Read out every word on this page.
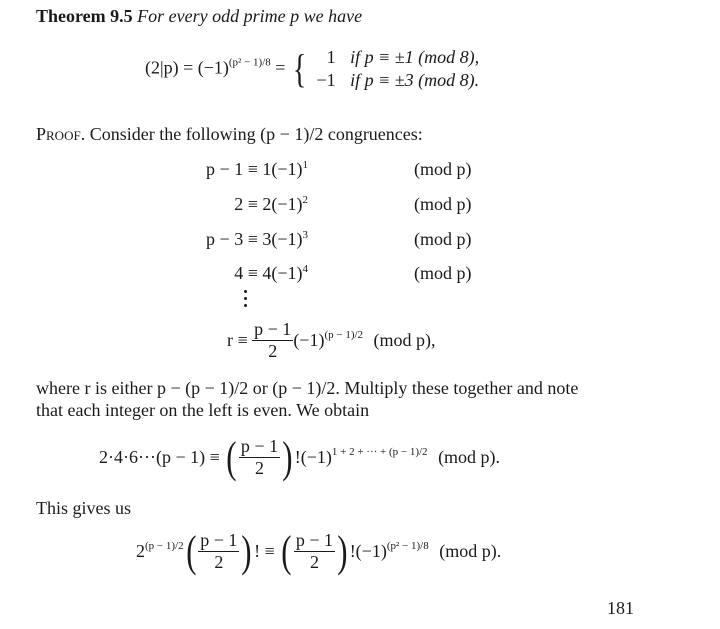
Theorem 9.5 For every odd prime p we have
$(2|p) = (-1)^{(p^2 - 1)/8}$ = {	1 if p ≡ ±1 (mod 8),
−1 if p ≡ ±3 (mod 8).
Proof. Consider the following (p − 1)/2 congruences:
$p - 1 \equiv 1(-1)^1$	(mod p)
$2 \equiv 2(-1)^2$	(mod p)
$p - 3 \equiv 3(-1)^3$	(mod p)
$4 \equiv 4(-1)^4$	(mod p)
$r \equiv \frac{p - 1}{2} (-1)^{(p - 1)/2}$ (mod p),
where r is either p − (p − 1)/2 or (p − 1)/2. Multiply these together and note
that each integer on the left is even. We obtain
2·4·6···(p − 1) ≡ ( $\frac{p - 1}{2}$ ) $!(-1)^{1 + 2 + \cdot\cdot\cdot + (p - 1)/2}$ (mod p).
This gives us
$2^{(p - 1)/2}( \frac{p - 1}{2}$ ) ! ≡ ( $\frac{p - 1}{2}$ ) $!(-1)^{(p^2 - 1)/8}$ (mod p).
181
